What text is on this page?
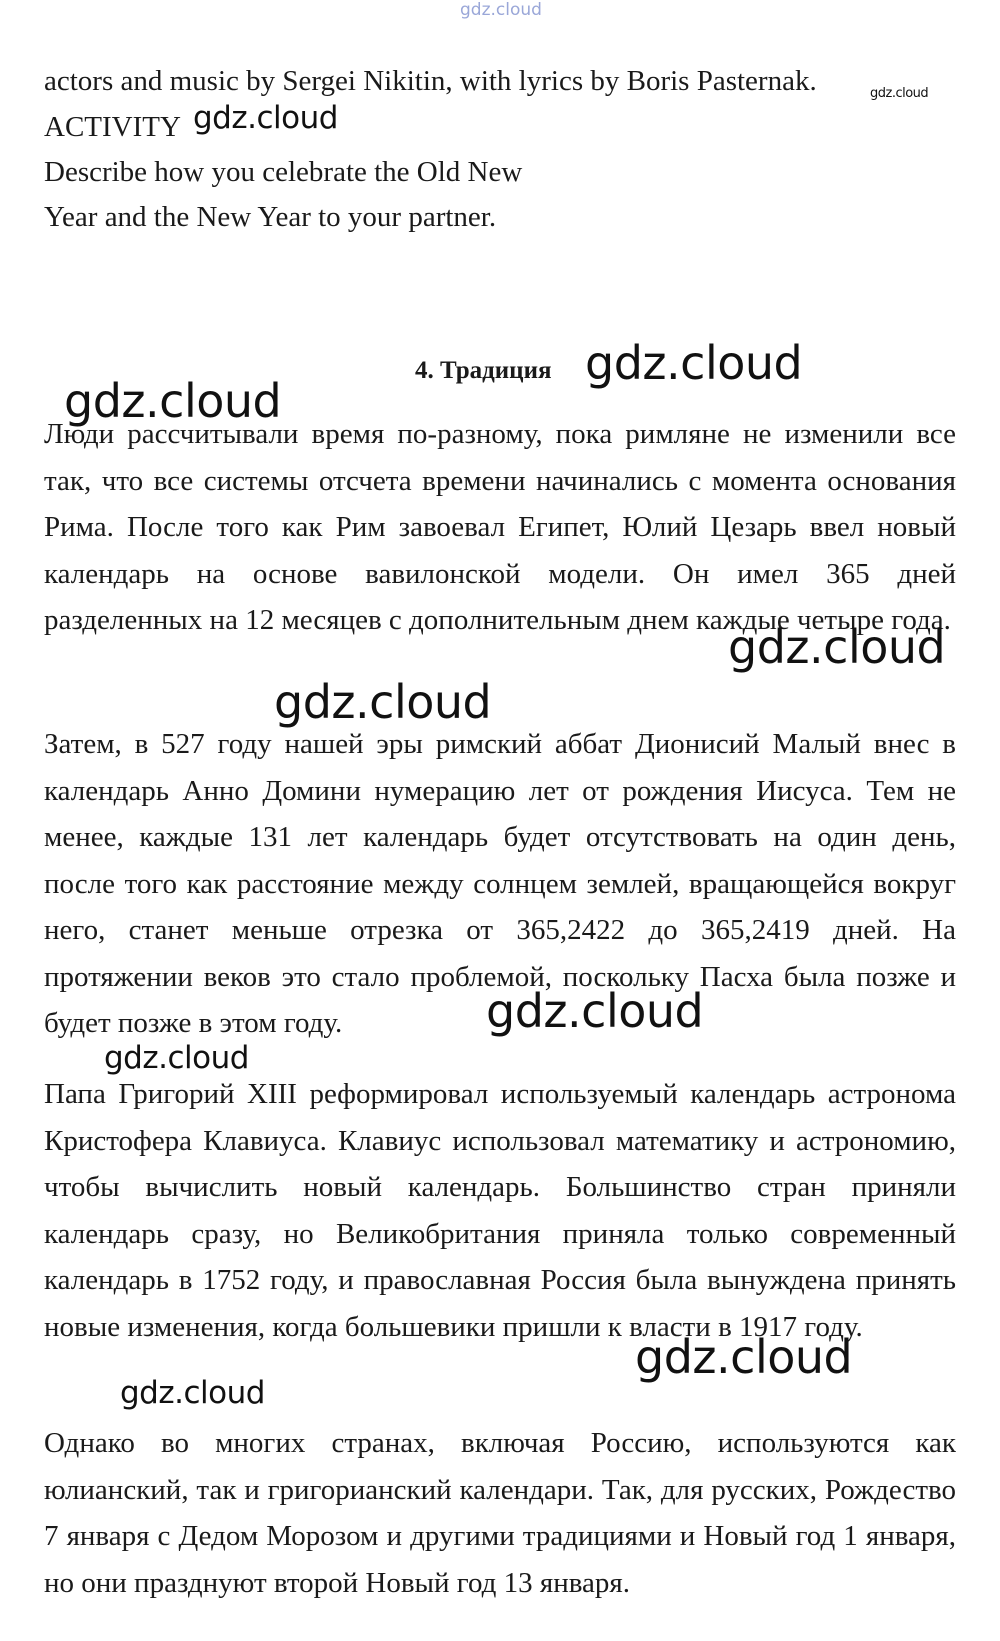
gdz.cloud
actors and music by Sergei Nikitin, with lyrics by Boris Pasternak.	gdz.cloud
ACTIVITY gdz.cloud
Describe how you celebrate the Old New
Year and the New Year to your partner.
4. Традиция gdz.cloud
gdz.cloud
Люди рассчитывали время по-разному, пока римляне не изменили все так, что все системы отсчета времени начинались с момента основания Рима. После того как Рим завоевал Египет, Юлий Цезарь ввел новый календарь на основе вавилонской модели. Он имел 365 дней разделенных на 12 месяцев с дополнительным днем каждые четыре года.
gdz.cloud
gdz.cloud
Затем, в 527 году нашей эры римский аббат Дионисий Малый внес в календарь Анно Домини нумерацию лет от рождения Иисуса. Тем не менее, каждые 131 лет календарь будет отсутствовать на один день, после того как расстояние между солнцем землей, вращающейся вокруг него, станет меньше отрезка от 365,2422 до 365,2419 дней. На протяжении веков это стало проблемой, поскольку Пасха была позже и будет позже в этом году.	gdz.cloud
gdz.cloud
Папа Григорий XIII реформировал используемый календарь астронома Кристофера Клавиуса. Клавиус использовал математику и астрономию, чтобы вычислить новый календарь. Большинство стран приняли календарь сразу, но Великобритания приняла только современный календарь в 1752 году, и православная Россия была вынуждена принять новые изменения, когда большевики пришли к власти в 1917 году.
gdz.cloud
gdz.cloud
Однако во многих странах, включая Россию, используются как юлианский, так и григорианский календари. Так, для русских, Рождество 7 января с Дедом Морозом и другими традициями и Новый год 1 января, но они празднуют второй Новый год 13 января.
